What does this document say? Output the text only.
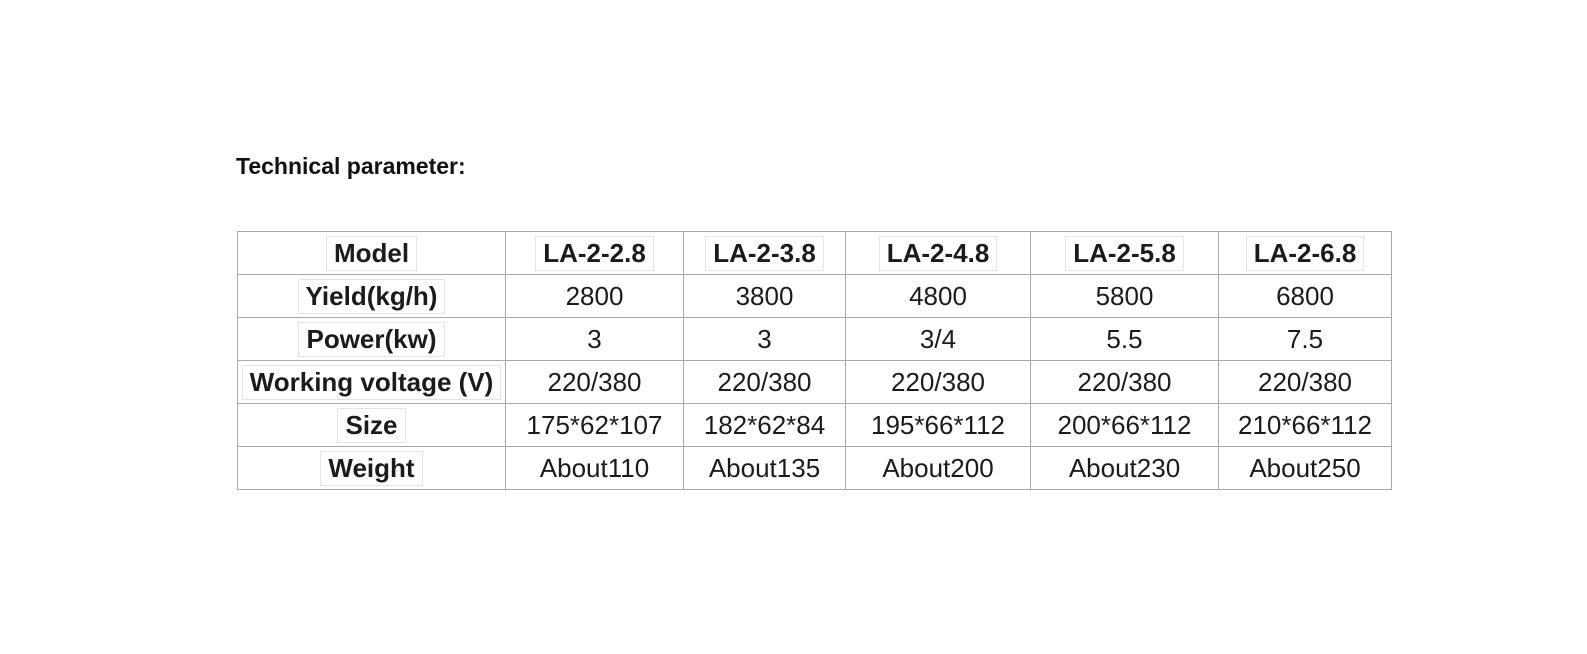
Technical parameter:
Model	LA-2-2.8	LA-2-3.8	LA-2-4.8	LA-2-5.8	LA-2-6.8
Yield(kg/h)	2800	3800	4800	5800	6800
Power(kw)	3	3	3/4	5.5	7.5
Working voltage (V)	220/380	220/380	220/380	220/380	220/380
Size	175*62*107	182*62*84	195*66*112	200*66*112	210*66*112
Weight	About110	About135	About200	About230	About250
